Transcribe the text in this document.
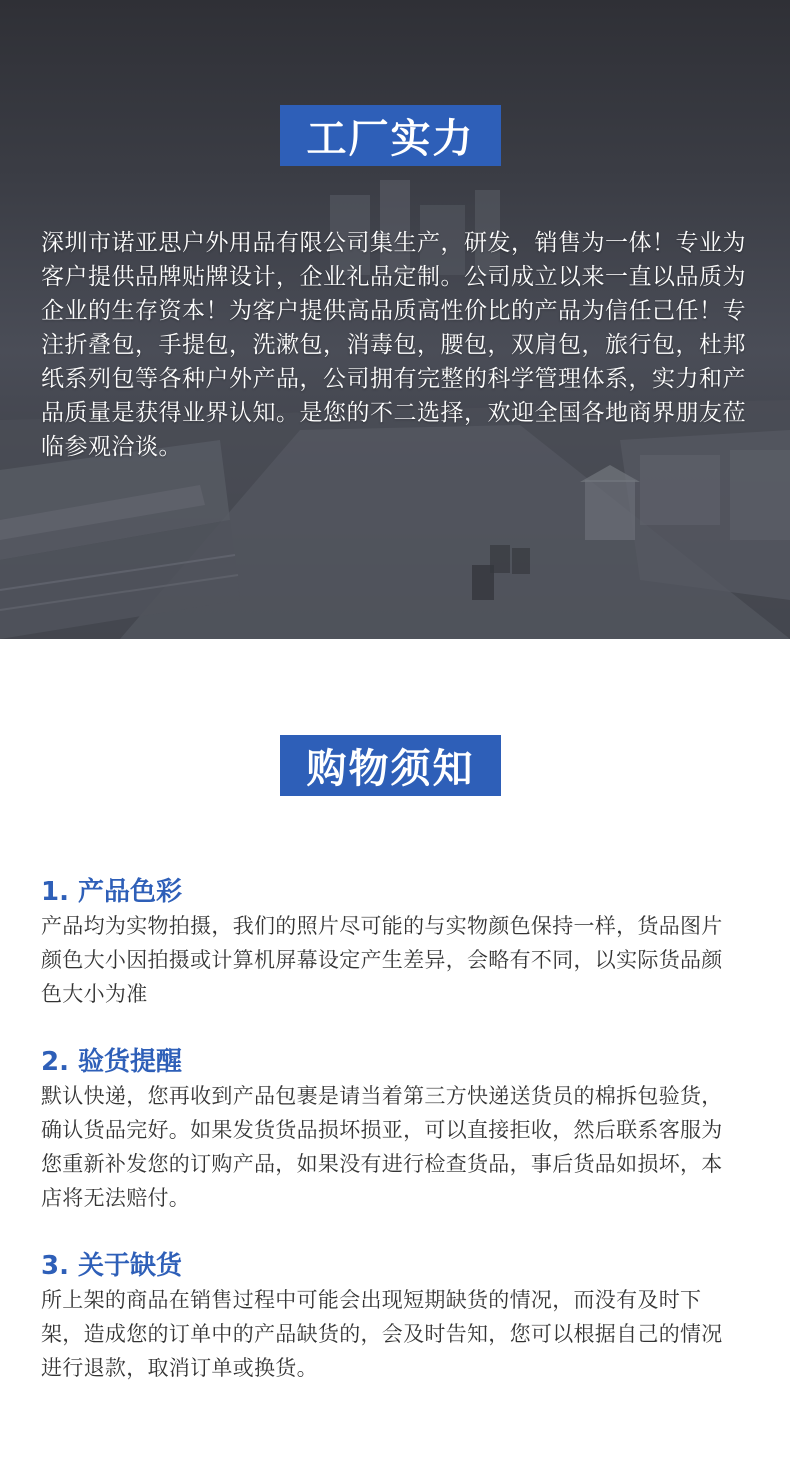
工厂实力

深圳市诺亚思户外用品有限公司集生产，研发，销售为一体！专业为客户提供品牌贴牌设计，企业礼品定制。公司成立以来一直以品质为企业的生存资本！为客户提供高品质高性价比的产品为信任己任！专注折叠包，手提包，洗漱包，消毒包，腰包，双肩包，旅行包，杜邦纸系列包等各种户外产品，公司拥有完整的科学管理体系，实力和产品质量是获得业界认知。是您的不二选择，欢迎全国各地商界朋友莅临参观洽谈。

购物须知
1. 产品色彩

产品均为实物拍摄，我们的照片尽可能的与实物颜色保持一样，货品图片颜色大小因拍摄或计算机屏幕设定产生差异，会略有不同，以实际货品颜色大小为准

2. 验货提醒

默认快递，您再收到产品包裹是请当着第三方快递送货员的棉拆包验货，确认货品完好。如果发货货品损坏损亚，可以直接拒收，然后联系客服为您重新补发您的订购产品，如果没有进行检查货品，事后货品如损坏，本店将无法赔付。

3. 关于缺货

所上架的商品在销售过程中可能会出现短期缺货的情况，而没有及时下架，造成您的订单中的产品缺货的，会及时告知，您可以根据自己的情况进行退款，取消订单或换货。
